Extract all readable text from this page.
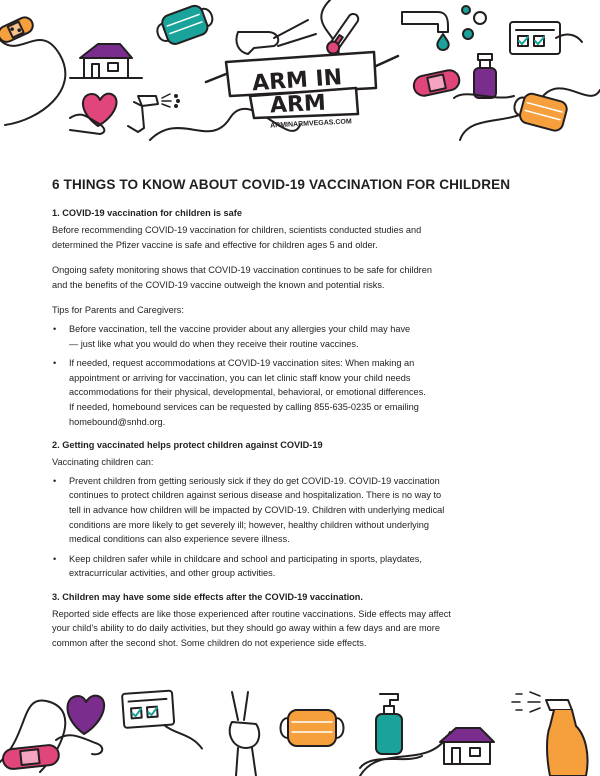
ARM IN
ARM
ARMINARMVEGAS.COM
6 THINGS TO KNOW ABOUT COVID-19 VACCINATION FOR CHILDREN
1. COVID-19 vaccination for children is safe

Before recommending COVID-19 vaccination for children, scientists conducted studies and
determined the Pfizer vaccine is safe and effective for children ages 5 and older.

Ongoing safety monitoring shows that COVID-19 vaccination continues to be safe for children
and the benefits of the COVID-19 vaccine outweigh the known and potential risks.

Tips for Parents and Caregivers:

• Before vaccination, tell the vaccine provider about any allergies your child may have
— just like what you would do when they receive their routine vaccines.
• If needed, request accommodations at COVID-19 vaccination sites: When making an
appointment or arriving for vaccination, you can let clinic staff know your child needs
accommodations for their physical, developmental, behavioral, or emotional differences.
If needed, homebound services can be requested by calling 855-635-0235 or emailing
homebound@snhd.org.
2. Getting vaccinated helps protect children against COVID-19

Vaccinating children can:

• Prevent children from getting seriously sick if they do get COVID-19. COVID-19 vaccination
continues to protect children against serious disease and hospitalization. There is no way to
tell in advance how children will be impacted by COVID-19. Children with underlying medical
conditions are more likely to get severely ill; however, healthy children without underlying
medical conditions can also experience severe illness.
• Keep children safer while in childcare and school and participating in sports, playdates,
extracurricular activities, and other group activities.
3. Children may have some side effects after the COVID-19 vaccination.

Reported side effects are like those experienced after routine vaccinations. Side effects may affect
your child’s ability to do daily activities, but they should go away within a few days and are more
common after the second shot. Some children do not experience side effects.
